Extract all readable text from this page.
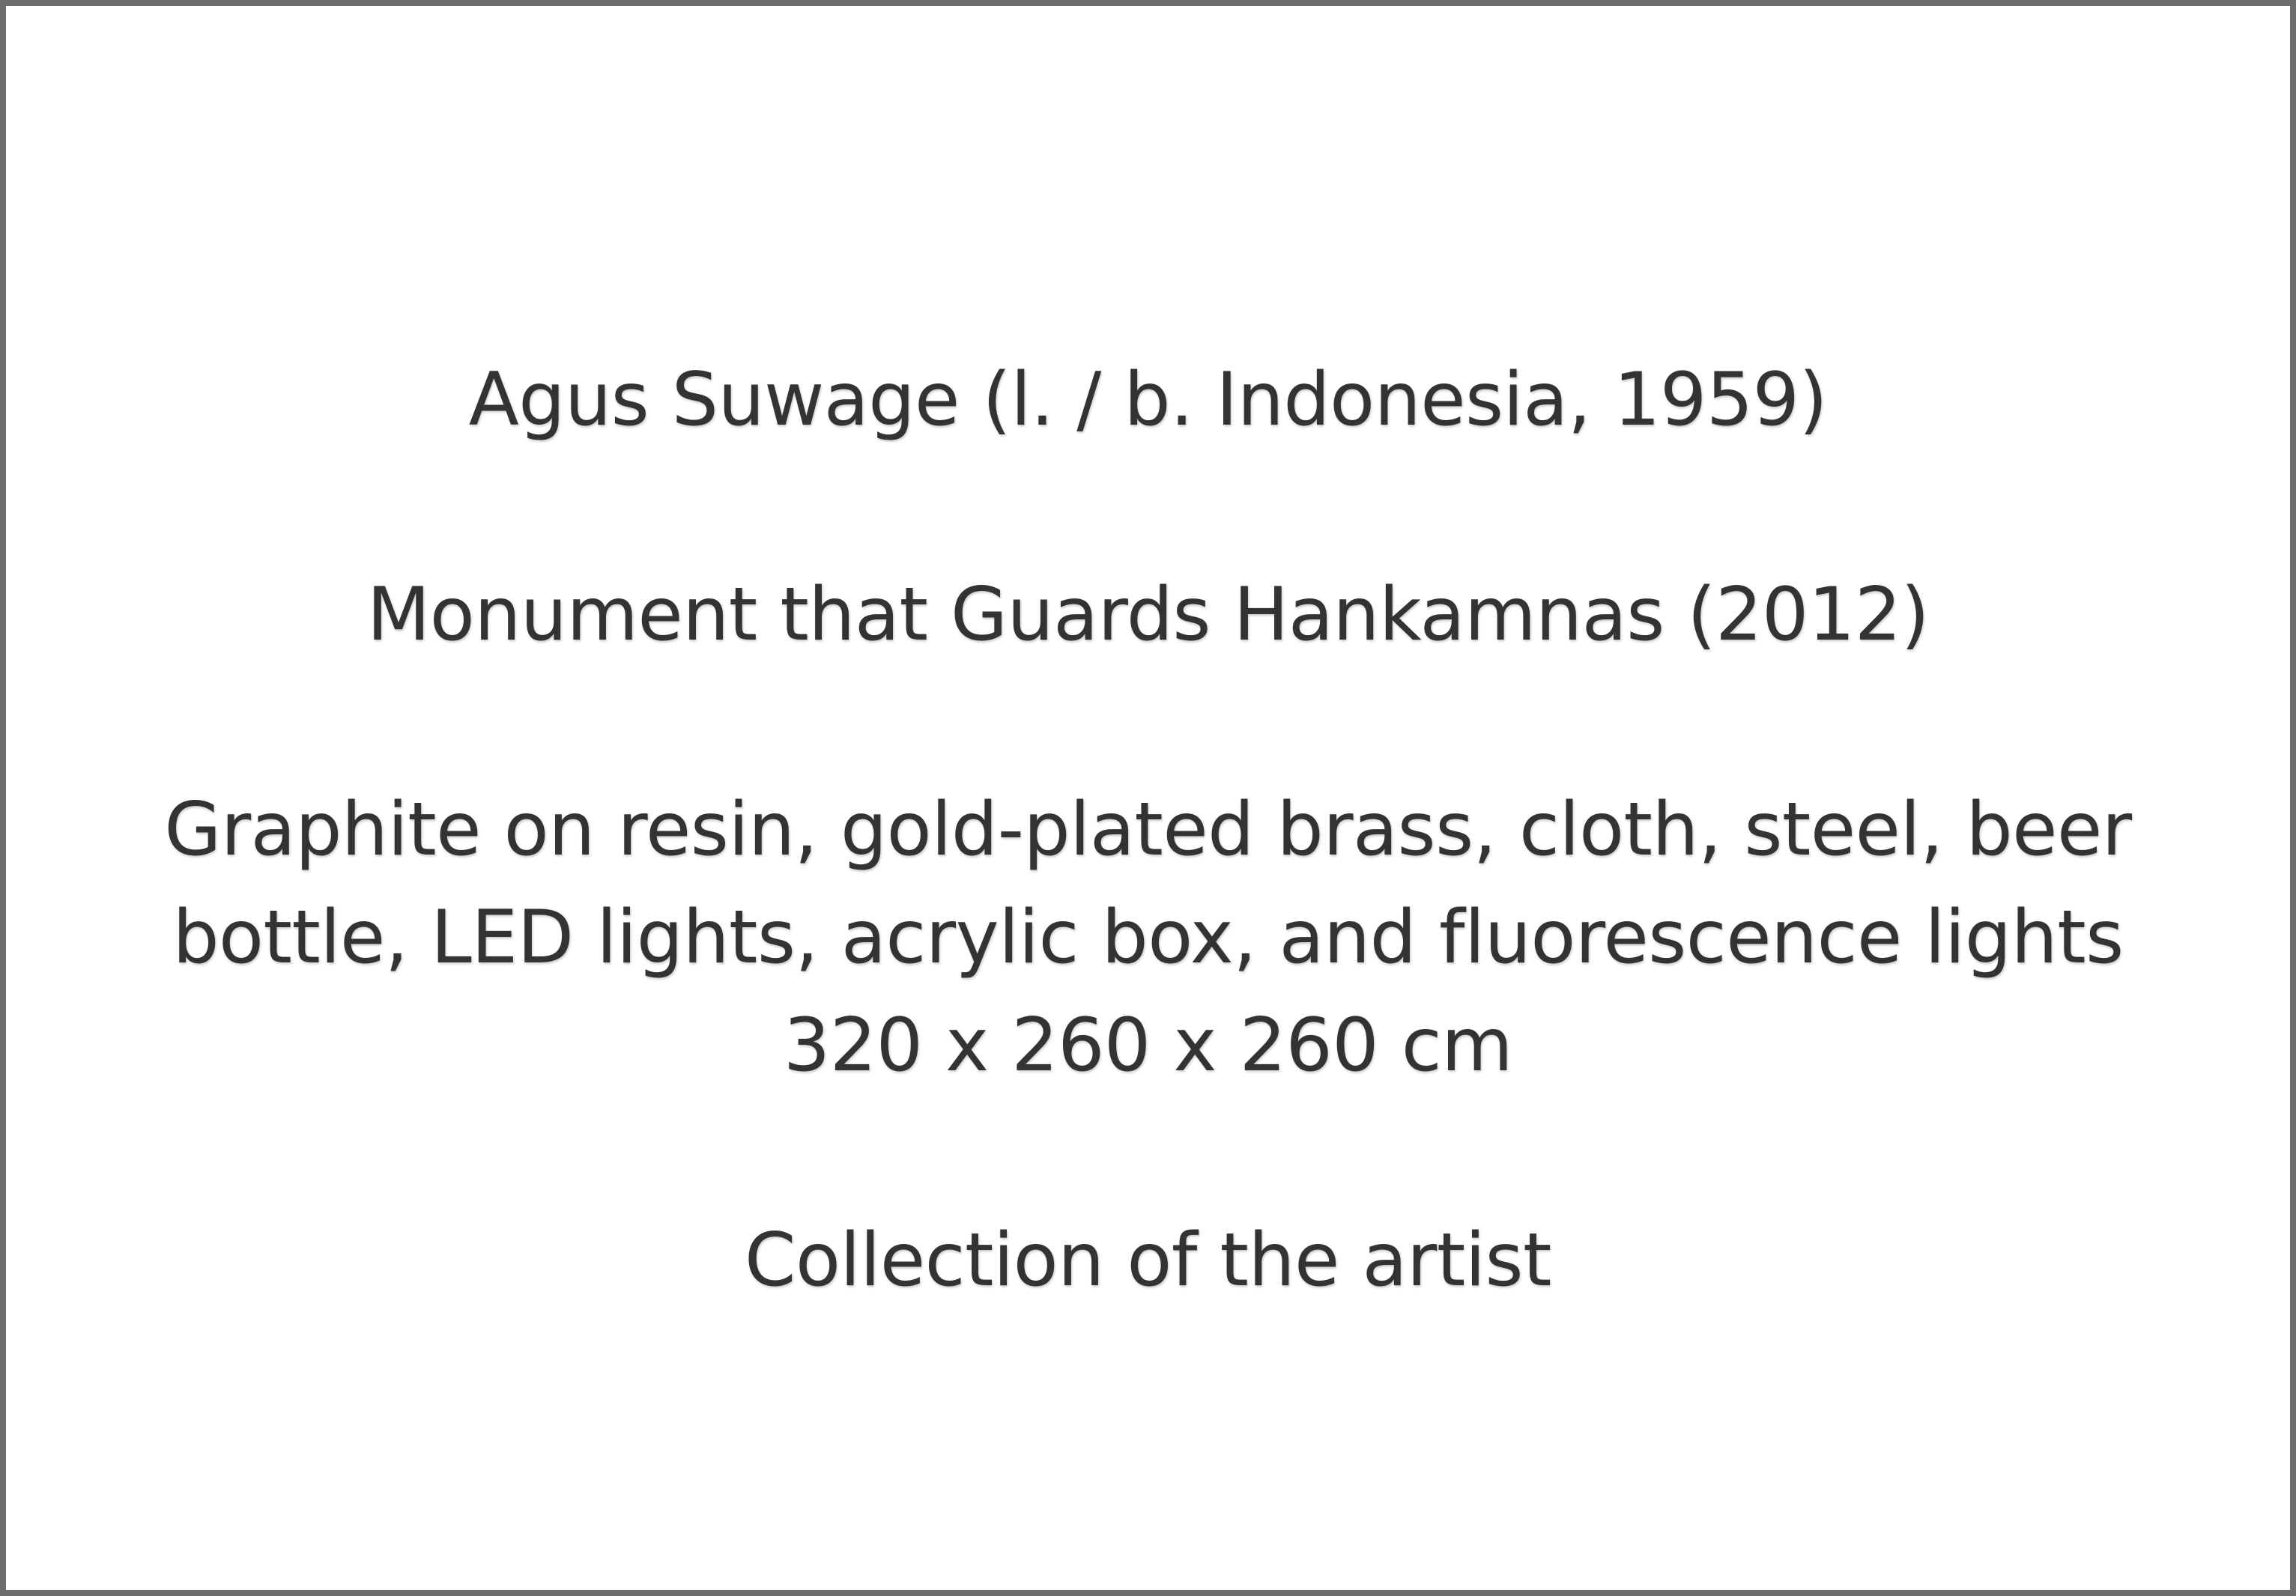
Agus Suwage (l. / b. Indonesia, 1959)

Monument that Guards Hankamnas (2012)

Graphite on resin, gold-plated brass, cloth, steel, beer
bottle, LED lights, acrylic box, and fluorescence lights

320 x 260 x 260 cm

Collection of the artist
